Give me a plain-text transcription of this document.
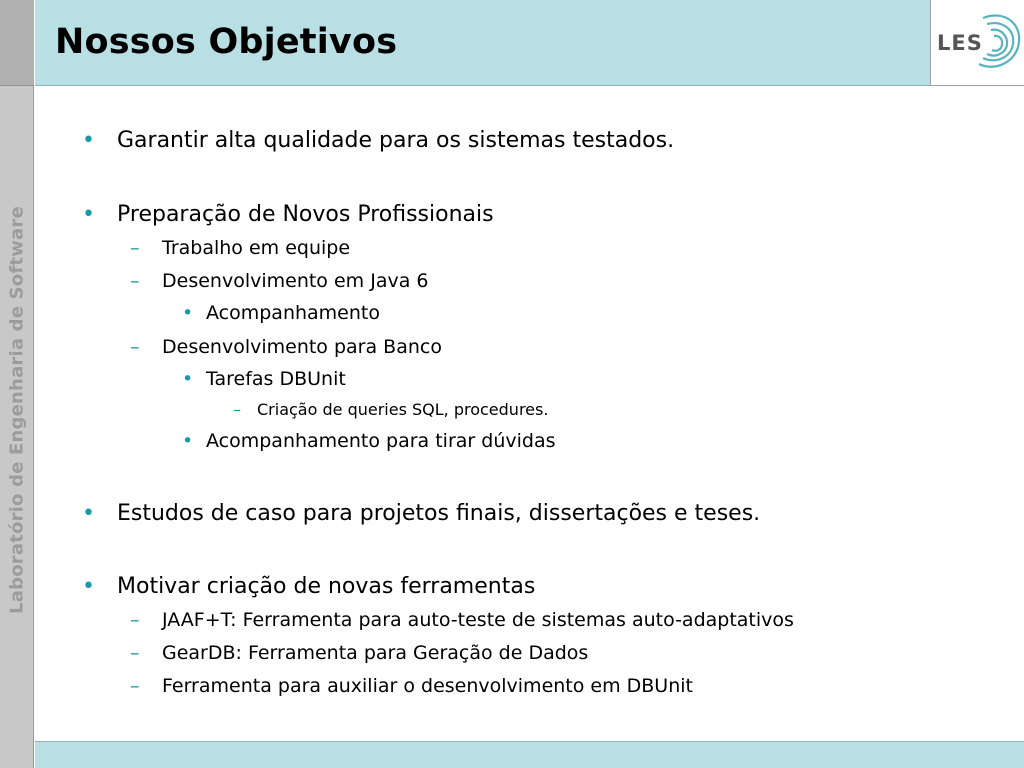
Laboratório de Engenharia de Software
Nossos Objetivos	LES
• Garantir alta qualidade para os sistemas testados.
• Preparação de Novos Profissionais
– Trabalho em equipe
– Desenvolvimento em Java 6
• Acompanhamento
– Desenvolvimento para Banco
• Tarefas DBUnit
– Criação de queries SQL, procedures.
• Acompanhamento para tirar dúvidas
• Estudos de caso para projetos finais, dissertações e teses.
• Motivar criação de novas ferramentas
– JAAF+T: Ferramenta para auto-teste de sistemas auto-adaptativos
– GearDB: Ferramenta para Geração de Dados
– Ferramenta para auxiliar o desenvolvimento em DBUnit
